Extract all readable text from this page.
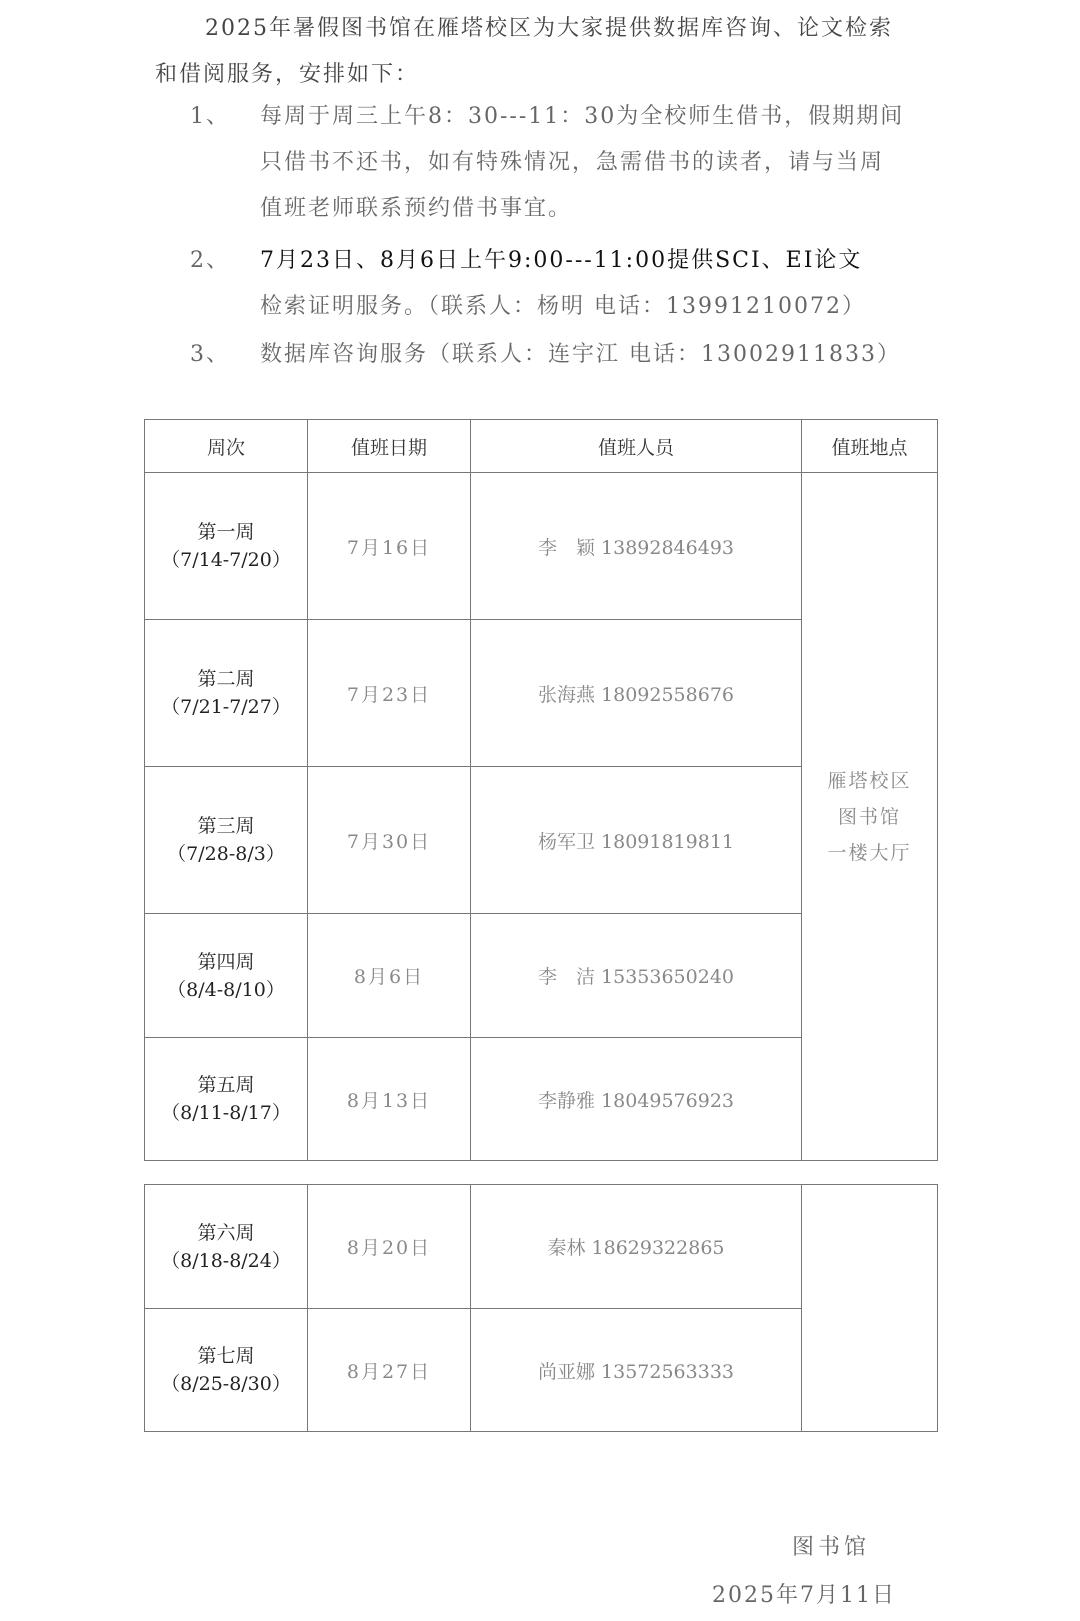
2025年暑假图书馆在雁塔校区为大家提供数据库咨询、论文检索
和借阅服务，安排如下：
1、	每周于周三上午8：30---11：30为全校师生借书，假期期间
只借书不还书，如有特殊情况，急需借书的读者，请与当周
值班老师联系预约借书事宜。
2、	7月23日、8月6日上午9:00---11:00提供SCI、EI论文
检索证明服务。（联系人：杨明 电话：13991210072）
3、	数据库咨询服务（联系人：连宇江 电话：13002911833）
周次	值班日期	值班人员	值班地点

第一周
（7/14-7/20）	7月16日	李　颖 13892846493	雁塔校区
图书馆
一楼大厅

第二周
（7/21-7/27）	7月23日	张海燕 18092558676	

第三周
（7/28-8/3）	7月30日	杨军卫 18091819811	

第四周
（8/4-8/10）	8月6日	李　洁 15353650240	

第五周
（8/11-8/17）	8月13日	李静雅 18049576923	
第六周
（8/18-8/24）	8月20日	秦林 18629322865	

第七周
（8/25-8/30）	8月27日	尚亚娜 13572563333	
图书馆
2025年7月11日
